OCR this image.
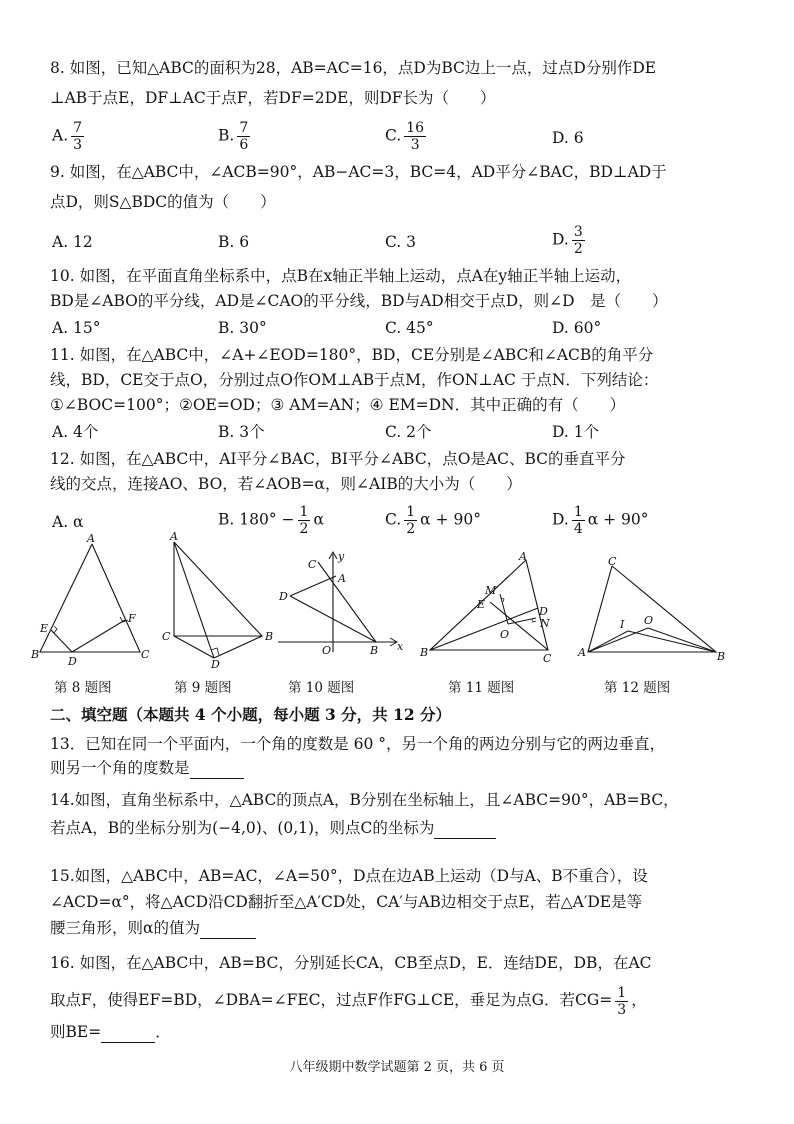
8. 如图，已知△ABC的面积为28，AB=AC=16，点D为BC边上一点，过点D分别作DE
⊥AB于点E，DF⊥AC于点F，若DF=2DE，则DF长为（　　）
A. $\frac{7}{3}$	B. $\frac{7}{6}$	C. $\frac{16}{3}$	D. 6
9. 如图，在△ABC中，∠ACB=90°，AB−AC=3，BC=4，AD平分∠BAC，BD⊥AD于
点D，则S△BDC的值为（　　）
A. 12	B. 6	C. 3	D. $\frac{3}{2}$
10. 如图，在平面直角坐标系中，点B在x轴正半轴上运动，点A在y轴正半轴上运动，
BD是∠ABO的平分线，AD是∠CAO的平分线，BD与AD相交于点D，则∠D　是（　　）
A. 15°	B. 30°	C. 45°	D. 60°
11. 如图，在△ABC中，∠A+∠EOD=180°，BD，CE分别是∠ABC和∠ACB的角平分
线，BD，CE交于点O，分别过点O作OM⊥AB于点M，作ON⊥AC 于点N．下列结论：
①∠BOC=100°；②OE=OD；③ AM=AN；④ EM=DN．其中正确的有（　　）
A. 4个	B. 3个	C. 2个	D. 1个
12. 如图，在△ABC中，AI平分∠BAC，BI平分∠ABC，点O是AC、BC的垂直平分
线的交点，连接AO、BO，若∠AOB=α，则∠AIB的大小为（　　）
A. α	B. $180^\circ - \frac{1}{2}$ α	C. $\frac{1}{2}$ α + 90°	D. $\frac{1}{4}$ α + 90°
A
B	C
D
E
F
第 8 题图
A
C	B
D
第 9 题图
y
x
C
A
D
O	B
第 10 题图
A
B	C
M
E
D
N
O
第 11 题图
C
A	B
I O
第 12 题图
二、填空题（本题共 4 个小题，每小题 3 分，共 12 分）
13．已知在同一个平面内，一个角的度数是 60 °，另一个角的两边分别与它的两边垂直，
则另一个角的度数是
14.如图，直角坐标系中，△ABC的顶点A，B分别在坐标轴上，且∠ABC=90°，AB=BC，
若点A，B的坐标分别为(−4,0)、(0,1)，则点C的坐标为
15.如图，△ABC中，AB=AC，∠A=50°，D点在边AB上运动（D与A、B不重合），设
∠ACD=α°，将△ACD沿CD翻折至△A′CD处，CA′与AB边相交于点E，若△A′DE是等
腰三角形，则α的值为
16. 如图，在△ABC中，AB=BC，分别延长CA，CB至点D，E．连结DE，DB，在AC
取点F，使得EF=BD，∠DBA=∠FEC，过点F作FG⊥CE，垂足为点G．若$CG= \frac{1}{3}$ ，
则BE=	．
八年级期中数学试题第 2 页，共 6 页
